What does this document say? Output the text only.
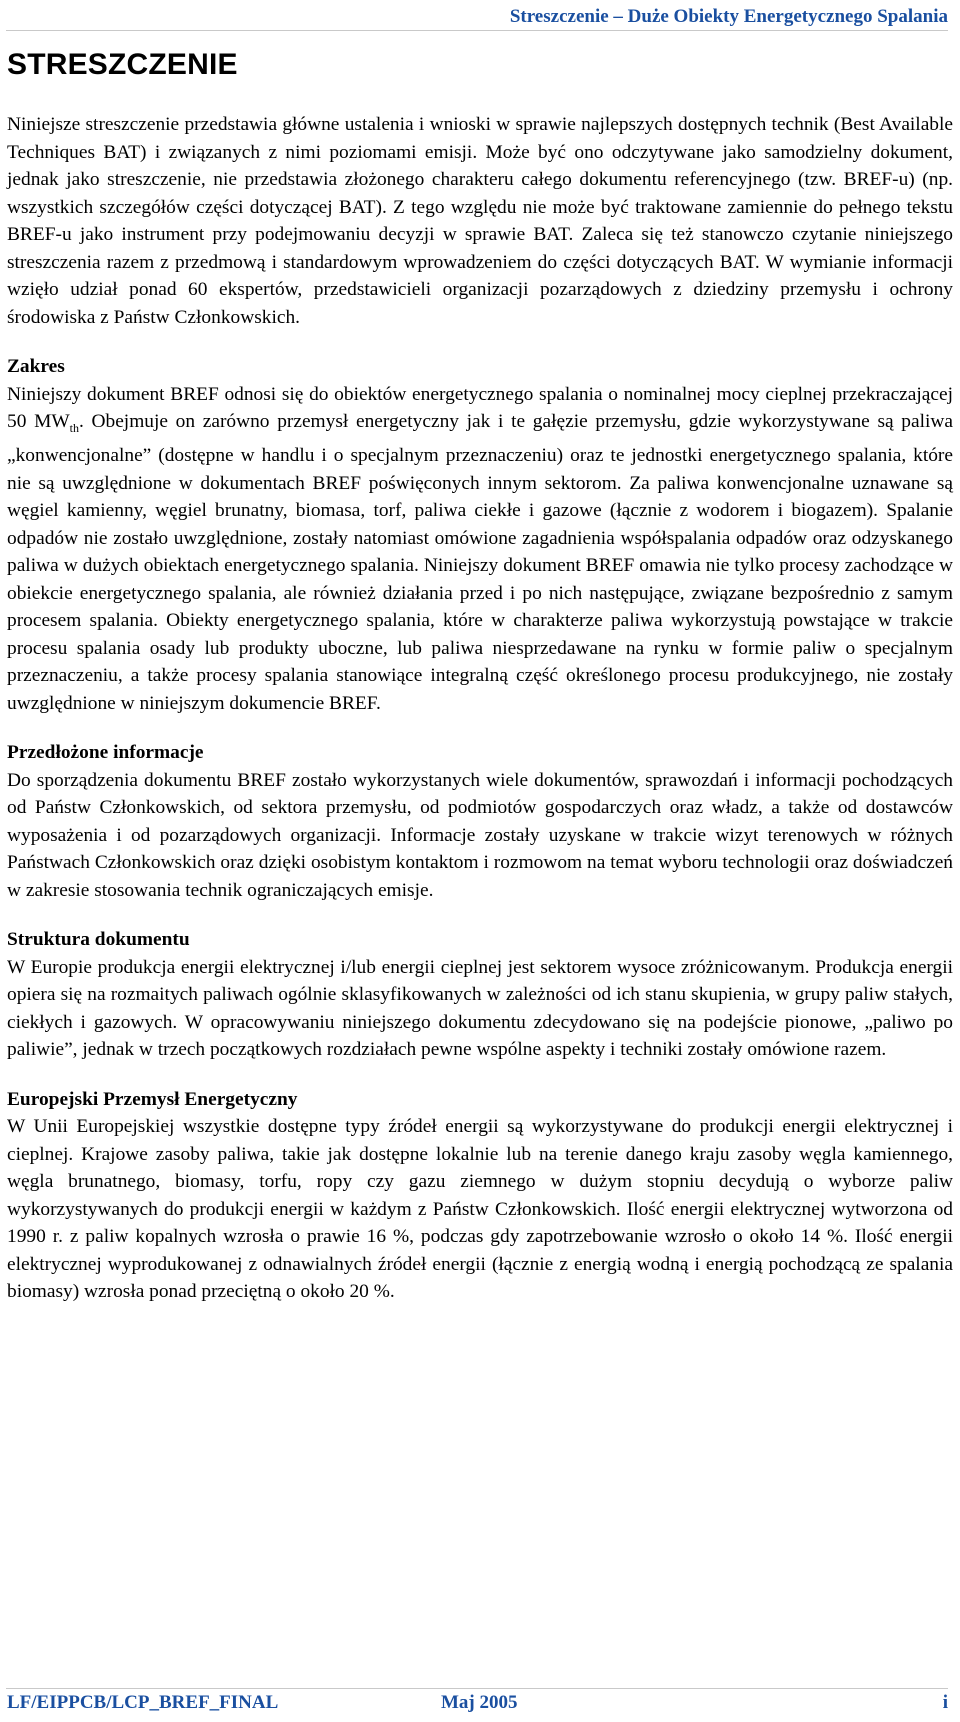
Streszczenie – Duże Obiekty Energetycznego Spalania
STRESZCZENIE

Niniejsze streszczenie przedstawia główne ustalenia i wnioski w sprawie najlepszych dostępnych technik (Best Available Techniques BAT) i związanych z nimi poziomami emisji. Może być ono odczytywane jako samodzielny dokument, jednak jako streszczenie, nie przedstawia złożonego charakteru całego dokumentu referencyjnego (tzw. BREF-u) (np. wszystkich szczegółów części dotyczącej BAT). Z tego względu nie może być traktowane zamiennie do pełnego tekstu BREF-u jako instrument przy podejmowaniu decyzji w sprawie BAT. Zaleca się też stanowczo czytanie niniejszego streszczenia razem z przedmową i standardowym wprowadzeniem do części dotyczących BAT. W wymianie informacji wzięło udział ponad 60 ekspertów, przedstawicieli organizacji pozarządowych z dziedziny przemysłu i ochrony środowiska z Państw Członkowskich.

Zakres

Niniejszy dokument BREF odnosi się do obiektów energetycznego spalania o nominalnej mocy cieplnej przekraczającej 50 $MW_{th}$. Obejmuje on zarówno przemysł energetyczny jak i te gałęzie przemysłu, gdzie wykorzystywane są paliwa „konwencjonalne” (dostępne w handlu i o specjalnym przeznaczeniu) oraz te jednostki energetycznego spalania, które nie są uwzględnione w dokumentach BREF poświęconych innym sektorom. Za paliwa konwencjonalne uznawane są węgiel kamienny, węgiel brunatny, biomasa, torf, paliwa ciekłe i gazowe (łącznie z wodorem i biogazem). Spalanie odpadów nie zostało uwzględnione, zostały natomiast omówione zagadnienia współspalania odpadów oraz odzyskanego paliwa w dużych obiektach energetycznego spalania. Niniejszy dokument BREF omawia nie tylko procesy zachodzące w obiekcie energetycznego spalania, ale również działania przed i po nich następujące, związane bezpośrednio z samym procesem spalania. Obiekty energetycznego spalania, które w charakterze paliwa wykorzystują powstające w trakcie procesu spalania osady lub produkty uboczne, lub paliwa niesprzedawane na rynku w formie paliw o specjalnym przeznaczeniu, a także procesy spalania stanowiące integralną część określonego procesu produkcyjnego, nie zostały uwzględnione w niniejszym dokumencie BREF.

Przedłożone informacje

Do sporządzenia dokumentu BREF zostało wykorzystanych wiele dokumentów, sprawozdań i informacji pochodzących od Państw Członkowskich, od sektora przemysłu, od podmiotów gospodarczych oraz władz, a także od dostawców wyposażenia i od pozarządowych organizacji. Informacje zostały uzyskane w trakcie wizyt terenowych w różnych Państwach Członkowskich oraz dzięki osobistym kontaktom i rozmowom na temat wyboru technologii oraz doświadczeń w zakresie stosowania technik ograniczających emisje.

Struktura dokumentu

W Europie produkcja energii elektrycznej i/lub energii cieplnej jest sektorem wysoce zróżnicowanym. Produkcja energii opiera się na rozmaitych paliwach ogólnie sklasyfikowanych w zależności od ich stanu skupienia, w grupy paliw stałych, ciekłych i gazowych. W opracowywaniu niniejszego dokumentu zdecydowano się na podejście pionowe, „paliwo po paliwie”, jednak w trzech początkowych rozdziałach pewne wspólne aspekty i techniki zostały omówione razem.

Europejski Przemysł Energetyczny

W Unii Europejskiej wszystkie dostępne typy źródeł energii są wykorzystywane do produkcji energii elektrycznej i cieplnej. Krajowe zasoby paliwa, takie jak dostępne lokalnie lub na terenie danego kraju zasoby węgla kamiennego, węgla brunatnego, biomasy, torfu, ropy czy gazu ziemnego w dużym stopniu decydują o wyborze paliw wykorzystywanych do produkcji energii w każdym z Państw Członkowskich. Ilość energii elektrycznej wytworzona od 1990 r. z paliw kopalnych wzrosła o prawie 16 %, podczas gdy zapotrzebowanie wzrosło o około 14 %. Ilość energii elektrycznej wyprodukowanej z odnawialnych źródeł energii (łącznie z energią wodną i energią pochodzącą ze spalania biomasy) wzrosła ponad przeciętną o około 20 %.

LF/EIPPCB/LCP_BREF_FINAL	Maj 2005	i
